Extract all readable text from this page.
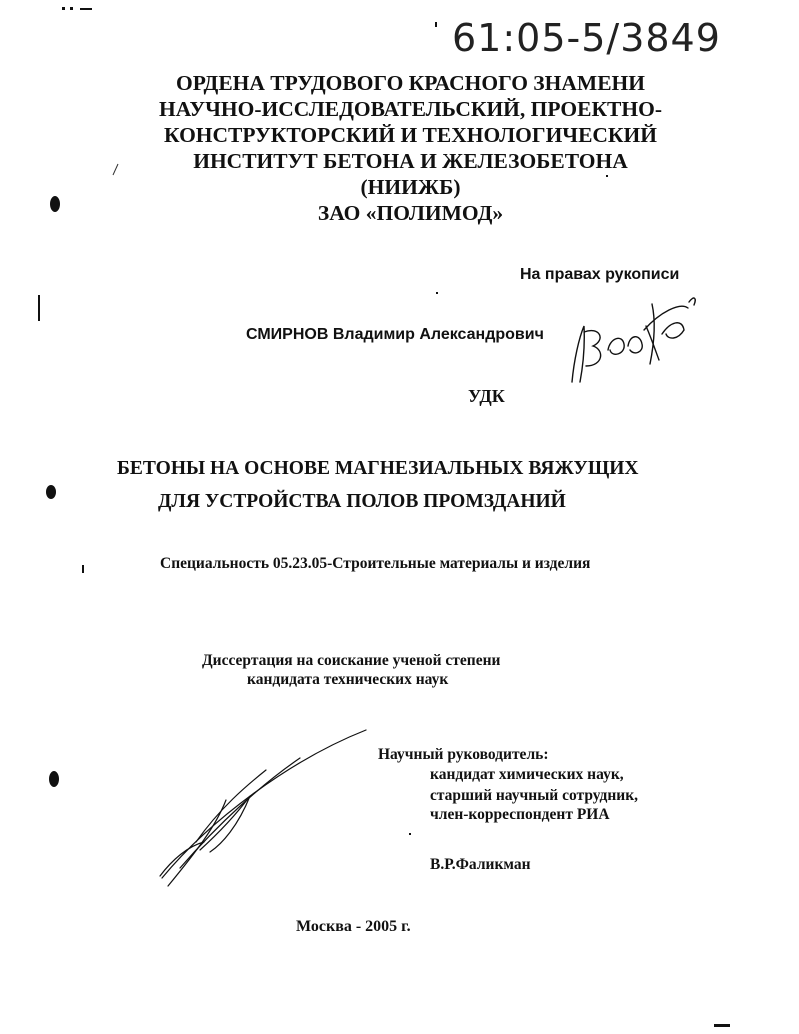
61:05-5/3849
ОРДЕНА ТРУДОВОГО КРАСНОГО ЗНАМЕНИ
НАУЧНО-ИССЛЕДОВАТЕЛЬСКИЙ, ПРОЕКТНО-
КОНСТРУКТОРСКИЙ И ТЕХНОЛОГИЧЕСКИЙ
ИНСТИТУТ БЕТОНА И ЖЕЛЕЗОБЕТОНА
(НИИЖБ)
ЗАО «ПОЛИМОД»
На правах рукописи
СМИРНОВ Владимир Александрович
УДК
БЕТОНЫ НА ОСНОВЕ МАГНЕЗИАЛЬНЫХ ВЯЖУЩИХ
ДЛЯ УСТРОЙСТВА ПОЛОВ ПРОМЗДАНИЙ
Специальность 05.23.05-Строительные материалы и изделия
Диссертация на соискание ученой степени
кандидата технических наук
Научный руководитель:
кандидат химических наук,
старший научный сотрудник,
член-корреспондент РИА
В.Р.Фаликман
Москва - 2005 г.
